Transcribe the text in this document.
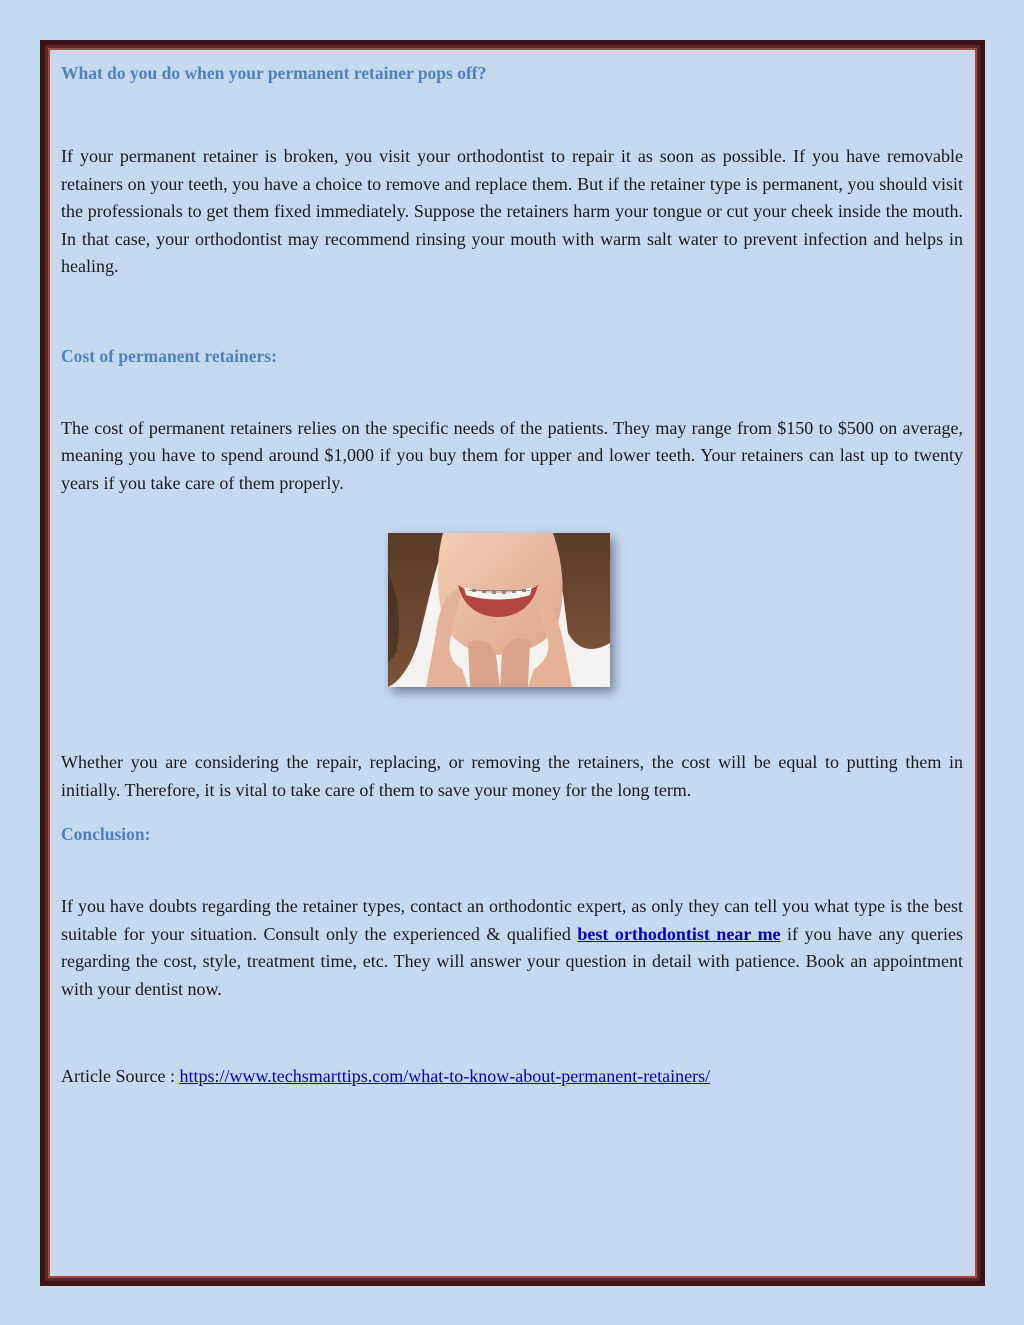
What do you do when your permanent retainer pops off?

If your permanent retainer is broken, you visit your orthodontist to repair it as soon as possible. If you have removable retainers on your teeth, you have a choice to remove and replace them. But if the retainer type is permanent, you should visit the professionals to get them fixed immediately. Suppose the retainers harm your tongue or cut your cheek inside the mouth. In that case, your orthodontist may recommend rinsing your mouth with warm salt water to prevent infection and helps in healing.

Cost of permanent retainers:

The cost of permanent retainers relies on the specific needs of the patients. They may range from $150 to $500 on average, meaning you have to spend around $1,000 if you buy them for upper and lower teeth. Your retainers can last up to twenty years if you take care of them properly.

Whether you are considering the repair, replacing, or removing the retainers, the cost will be equal to putting them in initially. Therefore, it is vital to take care of them to save your money for the long term.

Conclusion:

If you have doubts regarding the retainer types, contact an orthodontic expert, as only they can tell you what type is the best suitable for your situation. Consult only the experienced & qualified best orthodontist near me if you have any queries regarding the cost, style, treatment time, etc. They will answer your question in detail with patience. Book an appointment with your dentist now.

Article Source : https://www.techsmarttips.com/what-to-know-about-permanent-retainers/
